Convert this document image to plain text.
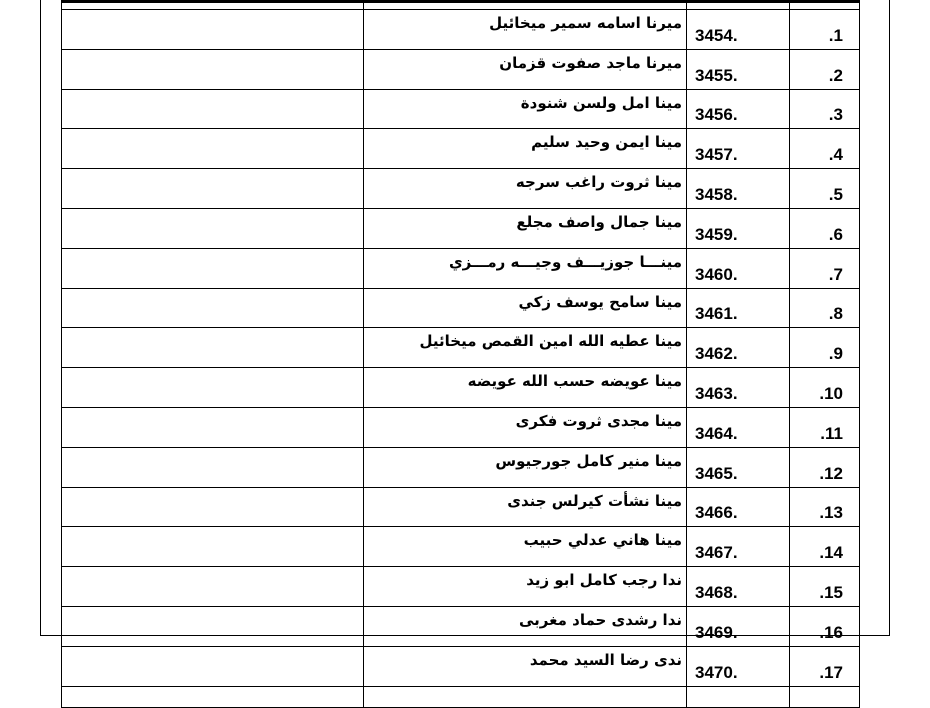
	ميرنا اسامه سمير ميخائيل	3454.	1.
	ميرنا ماجد صفوت قزمان	3455.	2.
	مينا امل ولسن شنودة	3456.	3.
	مينا ايمن وحيد سليم	3457.	4.
	مينا ثروت راغب سرجه	3458.	5.
	مينا جمال واصف مجلع	3459.	6.
	مينـــا جوزيـــف وجيـــه رمـــزي	3460.	7.
	مينا سامح يوسف زكي	3461.	8.
	مينا عطيه الله امين القمص ميخائيل	3462.	9.
	مينا عويضه حسب الله عويضه	3463.	10.
	مينا مجدى ثروت فكرى	3464.	11.
	مينا منير كامل جورجيوس	3465.	12.
	مينا نشأت كيرلس جندى	3466.	13.
	مينا هاني عدلي حبيب	3467.	14.
	ندا رجب كامل ابو زيد	3468.	15.
	ندا رشدى حماد مغربى	3469.	16.
	ندى رضا السيد محمد	3470.	17.
